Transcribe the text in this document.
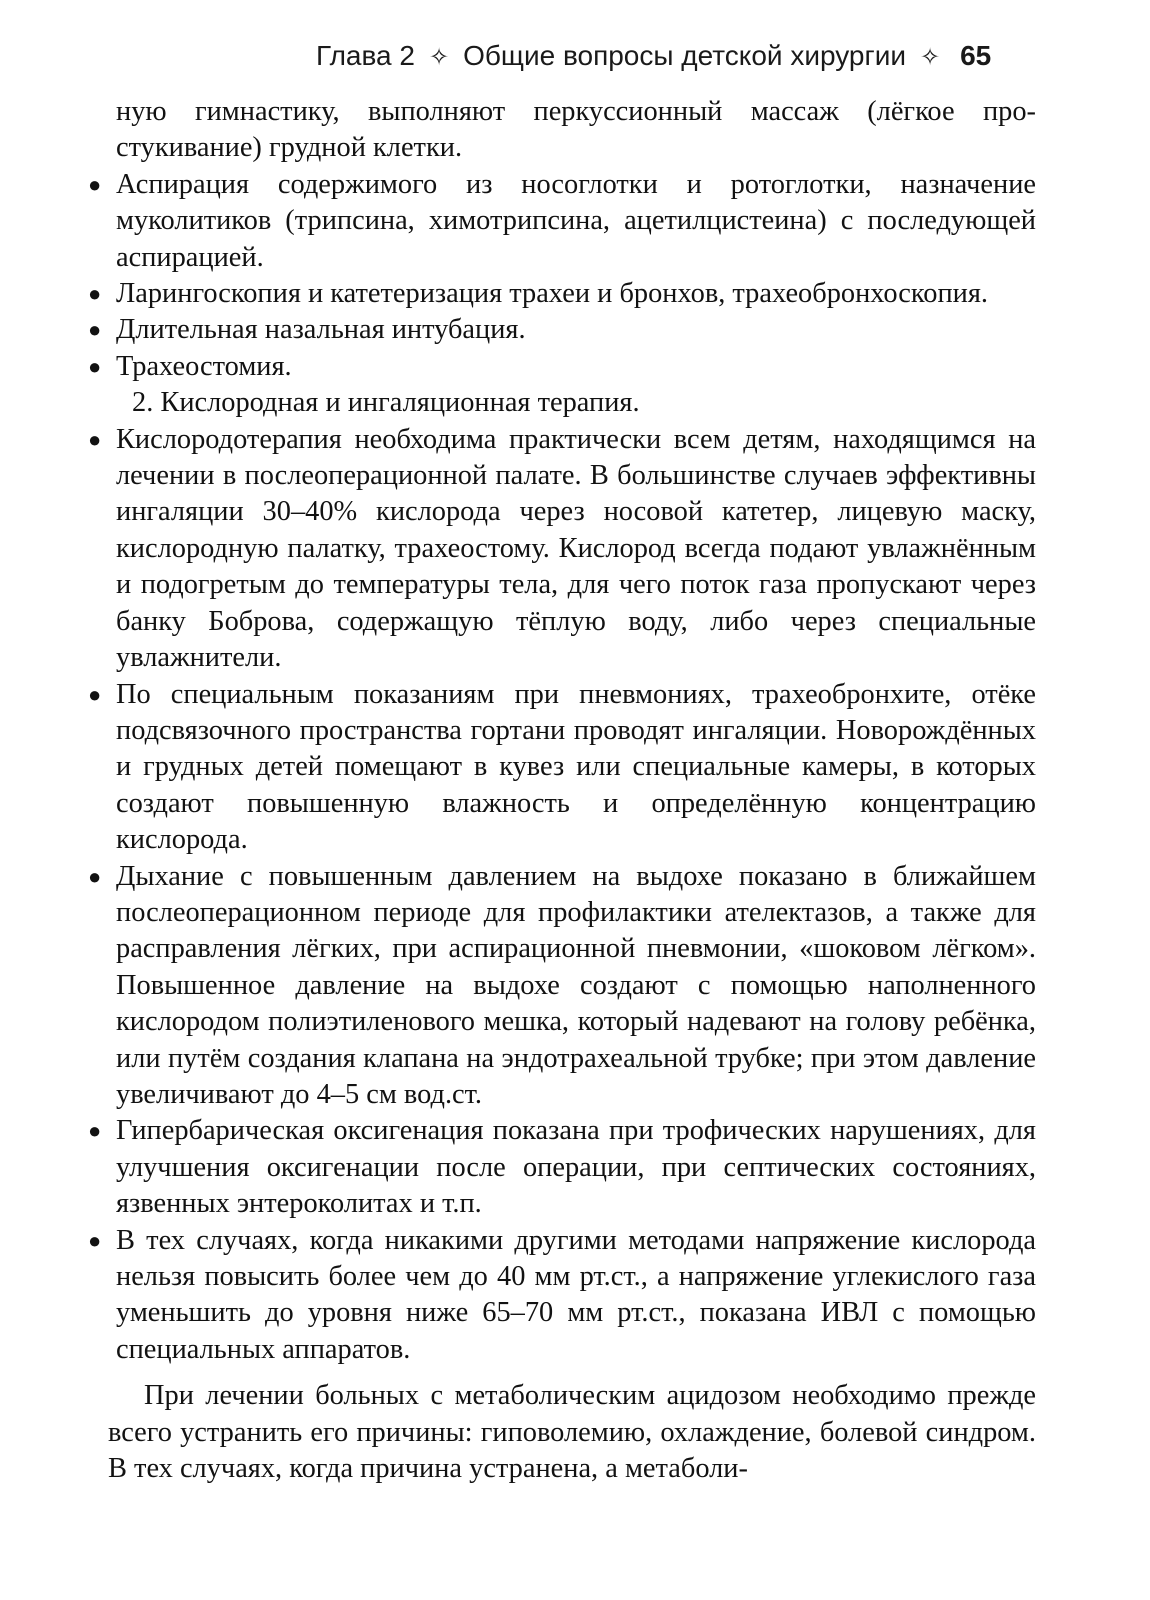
Глава 2 ✧ Общие вопросы детской хирургии ✧ 65

ную гимнастику, выполняют перкуссионный массаж (лёгкое простукивание) грудной клетки.

● Аспирация содержимого из носоглотки и ротоглотки, назначение муколитиков (трипсина, химотрипсина, ацетилцистеина) с последующей аспирацией.

● Ларингоскопия и катетеризация трахеи и бронхов, трахеобронхоскопия.

● Длительная назальная интубация.

● Трахеостомия.

2. Кислородная и ингаляционная терапия.

● Кислородотерапия необходима практически всем детям, находящимся на лечении в послеоперационной палате. В большинстве случаев эффективны ингаляции 30–40% кислорода через носовой катетер, лицевую маску, кислородную палатку, трахеостому. Кислород всегда подают увлажнённым и подогретым до температуры тела, для чего поток газа пропускают через банку Боброва, содержащую тёплую воду, либо через специальные увлажнители.

● По специальным показаниям при пневмониях, трахеобронхите, отёке подсвязочного пространства гортани проводят ингаляции. Новорождённых и грудных детей помещают в кувез или специальные камеры, в которых создают повышенную влажность и определённую концентрацию кислорода.

● Дыхание с повышенным давлением на выдохе показано в ближайшем послеоперационном периоде для профилактики ателектазов, а также для расправления лёгких, при аспирационной пневмонии, «шоковом лёгком». Повышенное давление на выдохе создают с помощью наполненного кислородом полиэтиленового мешка, который надевают на голову ребёнка, или путём создания клапана на эндотрахеальной трубке; при этом давление увеличивают до 4–5 см вод.ст.

● Гипербарическая оксигенация показана при трофических нарушениях, для улучшения оксигенации после операции, при септических состояниях, язвенных энтероколитах и т.п.

● В тех случаях, когда никакими другими методами напряжение кислорода нельзя повысить более чем до 40 мм рт.ст., а напряжение углекислого газа уменьшить до уровня ниже 65–70 мм рт.ст., показана ИВЛ с помощью специальных аппаратов.

При лечении больных с метаболическим ацидозом необходимо прежде всего устранить его причины: гиповолемию, охлаждение, болевой синдром. В тех случаях, когда причина устранена, а метаболи-
